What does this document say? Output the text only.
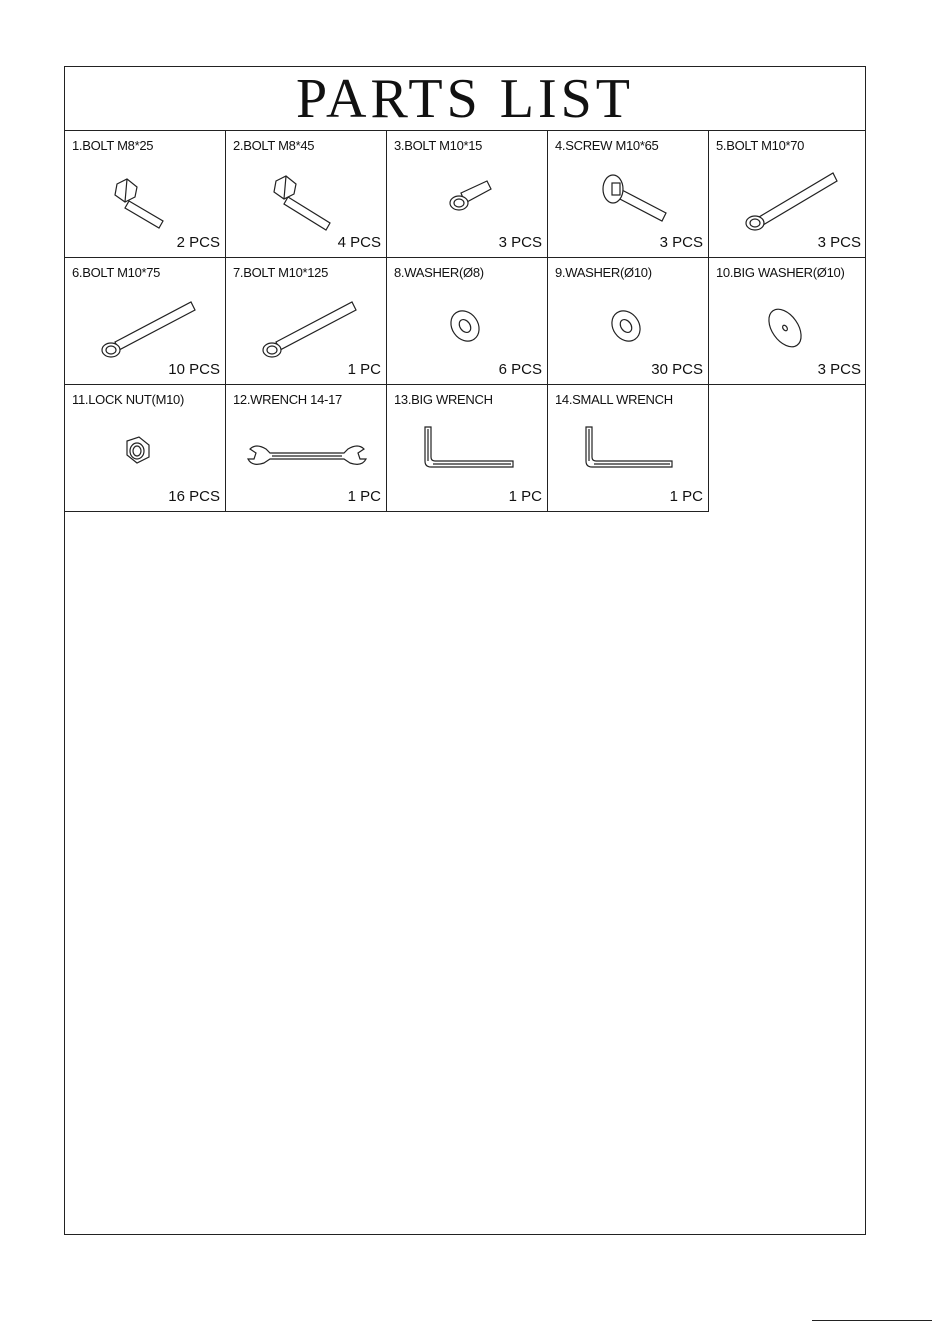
PARTS LIST
1.BOLT M8*25
2 PCS
2.BOLT M8*45
4 PCS
3.BOLT M10*15
3 PCS
4.SCREW M10*65
3 PCS
5.BOLT M10*70
3 PCS
6.BOLT M10*75
10 PCS
7.BOLT M10*125
1 PC
8.WASHER(Ø8)
6 PCS
9.WASHER(Ø10)
30 PCS
10.BIG WASHER(Ø10)
3 PCS
11.LOCK NUT(M10)
16 PCS
12.WRENCH 14-17
1 PC
13.BIG WRENCH
1 PC
14.SMALL WRENCH
1 PC
